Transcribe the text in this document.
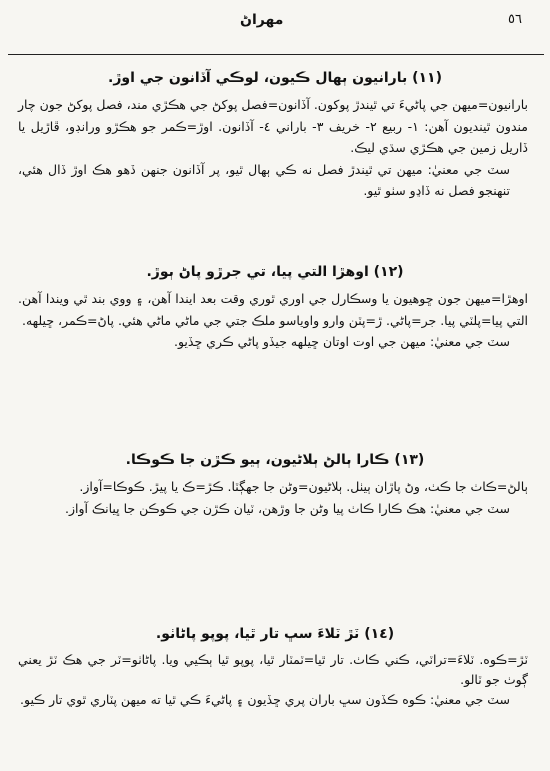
مهراڻ	٥٦

(١١) بارانيون ٻهال ڪيون، لوڪي آڏانون جي اوڙ.

بارانيون=ميهن جي پاڻيءَ تي ٿيندڙ پوکون. آڏانون=فصل پوکڻ جي هڪڙي مند، فصل پوکڻ جون چار مندون ٿينديون آهن: ١- ربيع ٢- خريف ٣- باراني ٤- آڏانون. اوڙ=ڪمر جو هڪڙو ورانڊو، ڦاڙيل يا ڏاريل زمين جي هڪڙي سڌي ليڪ.

سٽ جي معنيٰ: ميهن تي ٿيندڙ فصل نه ڪي ٻهال ٿيو، پر آڏانون جنهن ڏهو هڪ اوڙ ڏال هئي، تنهنجو فصل نه ڏاڍو سٺو ٿيو.

(١٢) اوهڙا التي پيا، تي جرڙو پاڻ ٻوڙ.

اوهڙا=ميهن جون ڇوهيون يا وسڪارل جي اوري ٿوري وقت بعد ايندا آهن، ۽ ووي بند ٿي ويندا آهن. التي پيا=پلٽي پيا. جر=پاڻي. ڙ=پٽن وارو واوياسو ملڪ جتي جي ماڻي ماڻي هئي. پاڻ=ڪمر، ڇيلهه.

سٽ جي معنيٰ: ميهن جي اوت اوتان ڇيلهه جيڏو پاڻي ڪري ڇڏيو.

(١٣) ڪارا ٻالڻ ٻلاڻيون، ٻيو ڪڙن جا ڪوڪا.

ٻالڻ=ڪاٺ جا ڪٺ، وڻ پاڙان ٻيٺل. ٻلاڻيون=وڻن جا جهڳٽا. ڪڙ=ڪ يا پيڙ. ڪوڪا=آواز.

سٽ جي معنيٰ: هڪ ڪارا ڪاٺ پيا وڻن جا وڙهن، ٽيان ڪڙن جي ڪوڪن جا ڀيانڪ آواز.

(١٤) ٽڙ ٽلاءَ سڀ تار ٿيا، پوپو پاڻاٺو.

ٽڙ=ڪوه. ٽلاءَ=تراٽي، ڪني ڪاٺ. تار ٿيا=ٽمٽار ٿيا، پوپو ٿيا ٻڪيي ويا. پاڻاٺو=ٽر جي هڪ ٽڙ يعني ڳوٺ جو ٽالو.

سٽ جي معنيٰ: ڪوه ڪڏون سڀ باران پري ڇڏيون ۽ پاڻيءَ ڪي ٿيا ته ميهن پٽاري ٿوي تار ڪيو.
